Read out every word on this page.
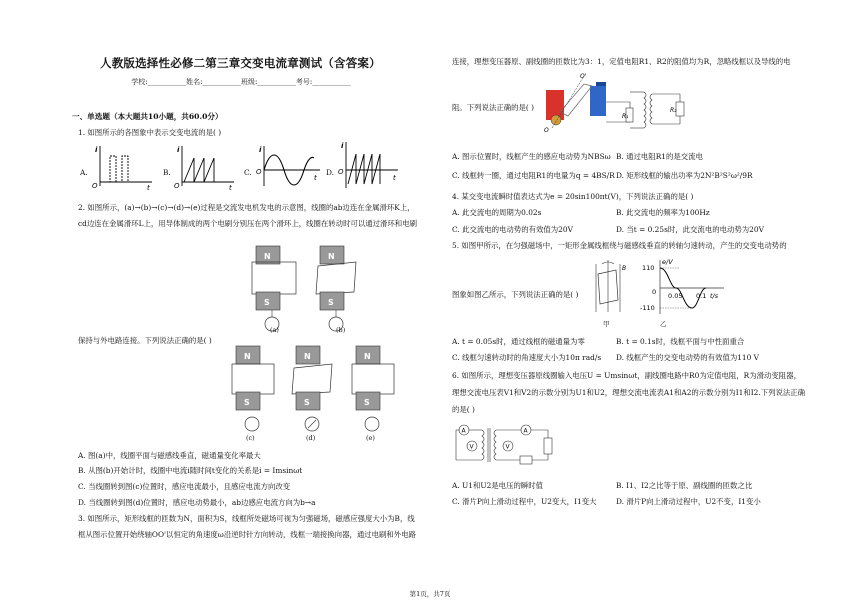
人教版选择性必修二第三章交变电流章测试（含答案）
学校:___________姓名:___________班级:___________考号:___________
一、单选题（本大题共10小题，共60.0分）
1. 如图所示的各图象中表示交变电流的是( )
A.	B.	C.	D.
i
O	t
i
O	t
i
O
t
i
O
t
2. 如图所示，(a)→(b)→(c)→(d)→(e)过程是交流发电机发电的示意图，线圈的ab边连在金属滑环K上，
cd边连在金属滑环L上，用导体制成的两个电刷分别压在两个滑环上，线圈在转动时可以通过滑环和电刷
保持与外电路连接。下列说法正确的是( )
N
S
N
S
(a)	(b)
N
S
N
S
N
S
(c)	(d)	(e)
A. 图(a)中，线圈平面与磁感线垂直，磁通量变化率最大
B. 从图(b)开始计时，线圈中电流i随时间t变化的关系是i = Imsinωt
C. 当线圈转到图(c)位置时，感应电流最小，且感应电流方向改变
D. 当线圈转到图(d)位置时，感应电动势最小，ab边感应电流方向为b→a
3. 如图所示，矩形线框的匝数为N，面积为S，线框所处磁场可视为匀强磁场，磁感应强度大小为B，线
框从图示位置开始绕轴OO'以恒定的角速度ω沿逆时针方向转动，线框一端接换向器，通过电刷和外电路
连接，理想变压器原、副线圈的匝数比为3：1，定值电阻R1、R2的阻值均为R，忽略线框以及导线的电
O'
O
R₁
R₂
阻。下列说法正确的是( )
A. 图示位置时，线框产生的感应电动势为NBSω B. 通过电阻R1的是交流电
C. 线框转一圈，通过电阻R1的电量为q = 4BS/R D. 矩形线框的输出功率为2N²B²S²ω²/9R
4. 某交变电流瞬时值表达式为e = 20sin100πt(V)，下列说法正确的是( )
A. 此交流电的周期为0.02s	B. 此交流电的频率为100Hz
C. 此交流电的电动势的有效值为20V	D. 当t = 0.25s时，此交流电的电动势为20V
5. 如图甲所示，在匀强磁场中，一矩形金属线框绕与磁感线垂直的转轴匀速转动，产生的交变电动势的
图象如图乙所示，下列说法正确的是( )
B
甲
e/V
110
-110
0 0.05 0.1 t/s
乙
A. t = 0.05s时，通过线框的磁通量为零	B. t = 0.1s时，线框平面与中性面重合
C. 线框匀速转动时的角速度大小为10π rad/s D. 线框产生的交变电动势的有效值为110 V
6. 如图所示，理想变压器原线圈输入电压U = Umsinωt，副线圈电路中R0为定值电阻，R为滑动变阻器，
理想交流电压表V1和V2的示数分别为U1和U2，理想交流电流表A1和A2的示数分别为I1和I2.下列说法正确
的是( )
A
V	V
A
A. U1和U2是电压的瞬时值	B. I1、I2之比等于原、副线圈的匝数之比
C. 滑片P向上滑动过程中，U2变大，I1变大	D. 滑片P向上滑动过程中，U2不变，I1变小
第1页，共7页
